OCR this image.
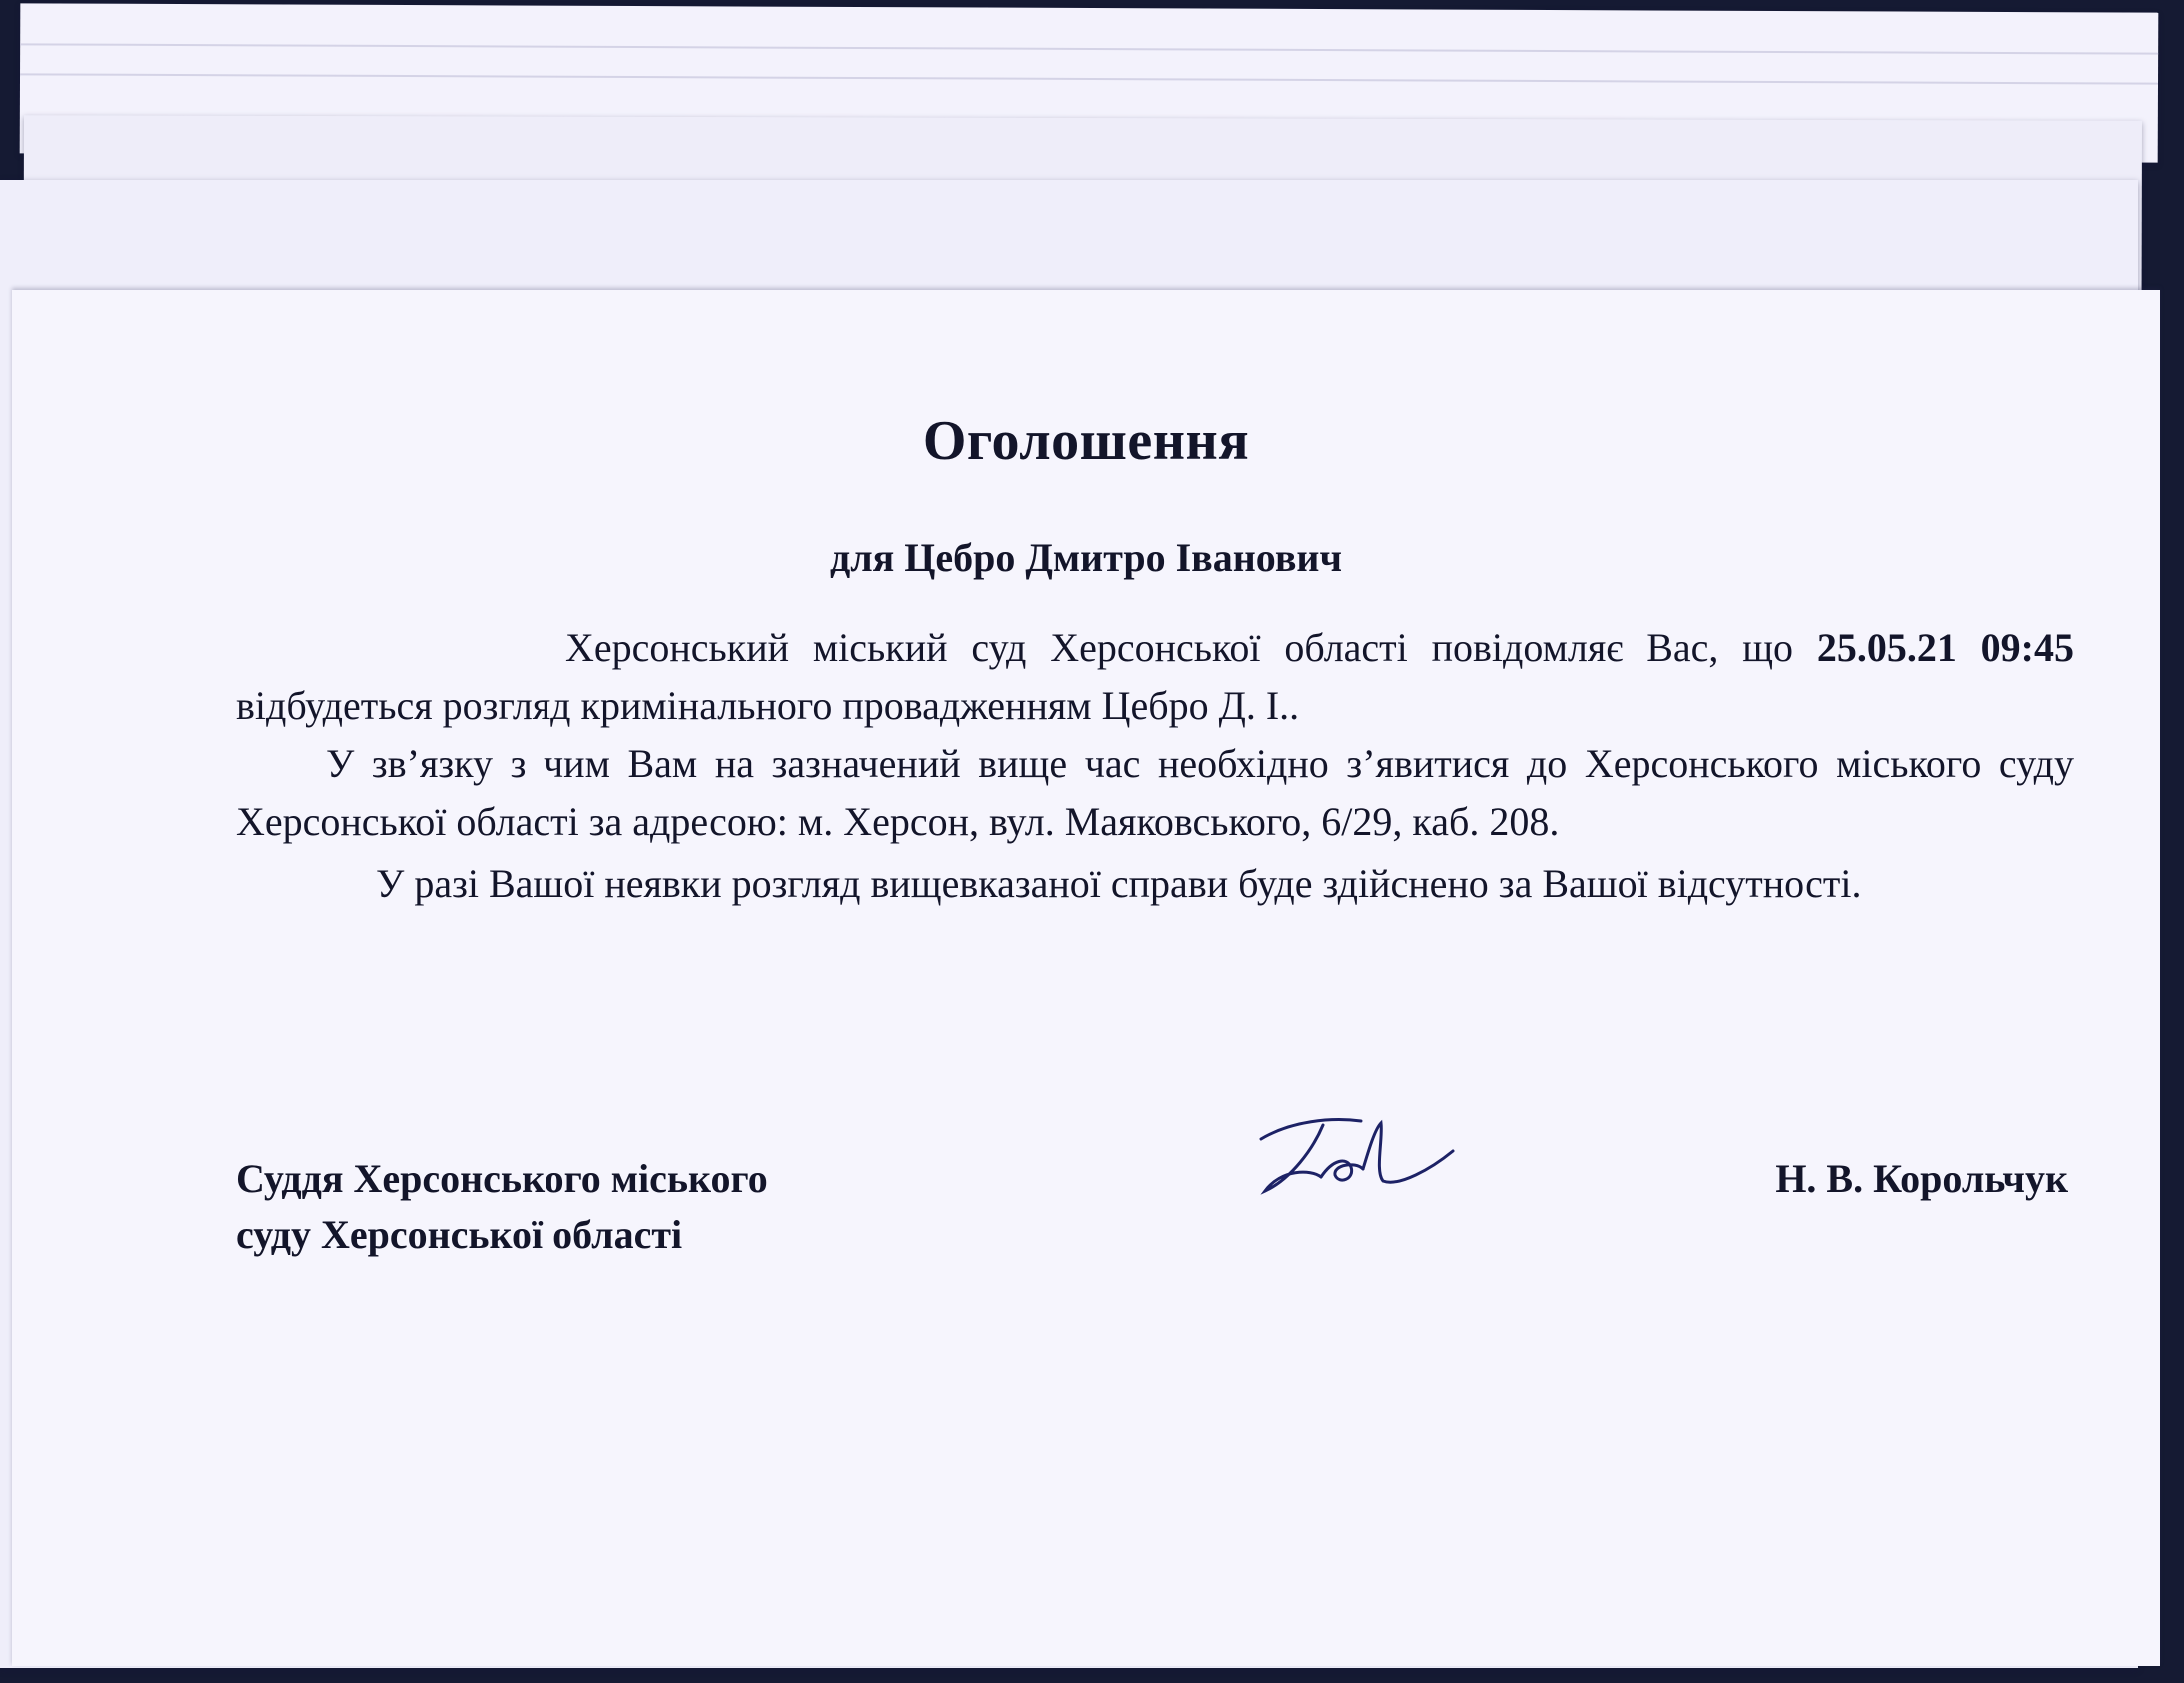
Оголошення
для Цебро Дмитро Іванович

Херсонський міський суд Херсонської області повідомляє Вас, що 25.05.21 09:45 відбудеться розгляд кримінального провадженням Цебро Д. І..

У зв’язку з чим Вам на зазначений вище час необхідно з’явитися до Херсонського міського суду Херсонської області за адресою: м. Херсон, вул. Маяковського, 6/29, каб. 208.

У разі Вашої неявки розгляд вищевказаної справи буде здійснено за Вашої відсутності.

Суддя Херсонського міського
суду Херсонської області
Н. В. Корольчук
